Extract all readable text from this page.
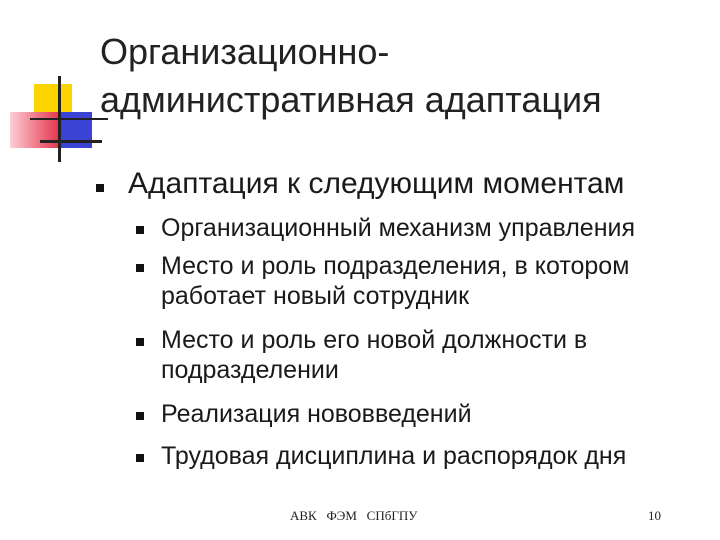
Организационно-
административная адаптация
Адаптация к следующим моментам
Организационный механизм управления
Место и роль подразделения, в котором
работает новый сотрудник
Место и роль его новой должности в
подразделении
Реализация нововведений
Трудовая дисциплина и распорядок дня
АВК   ФЭМ   СПбГПУ	10
